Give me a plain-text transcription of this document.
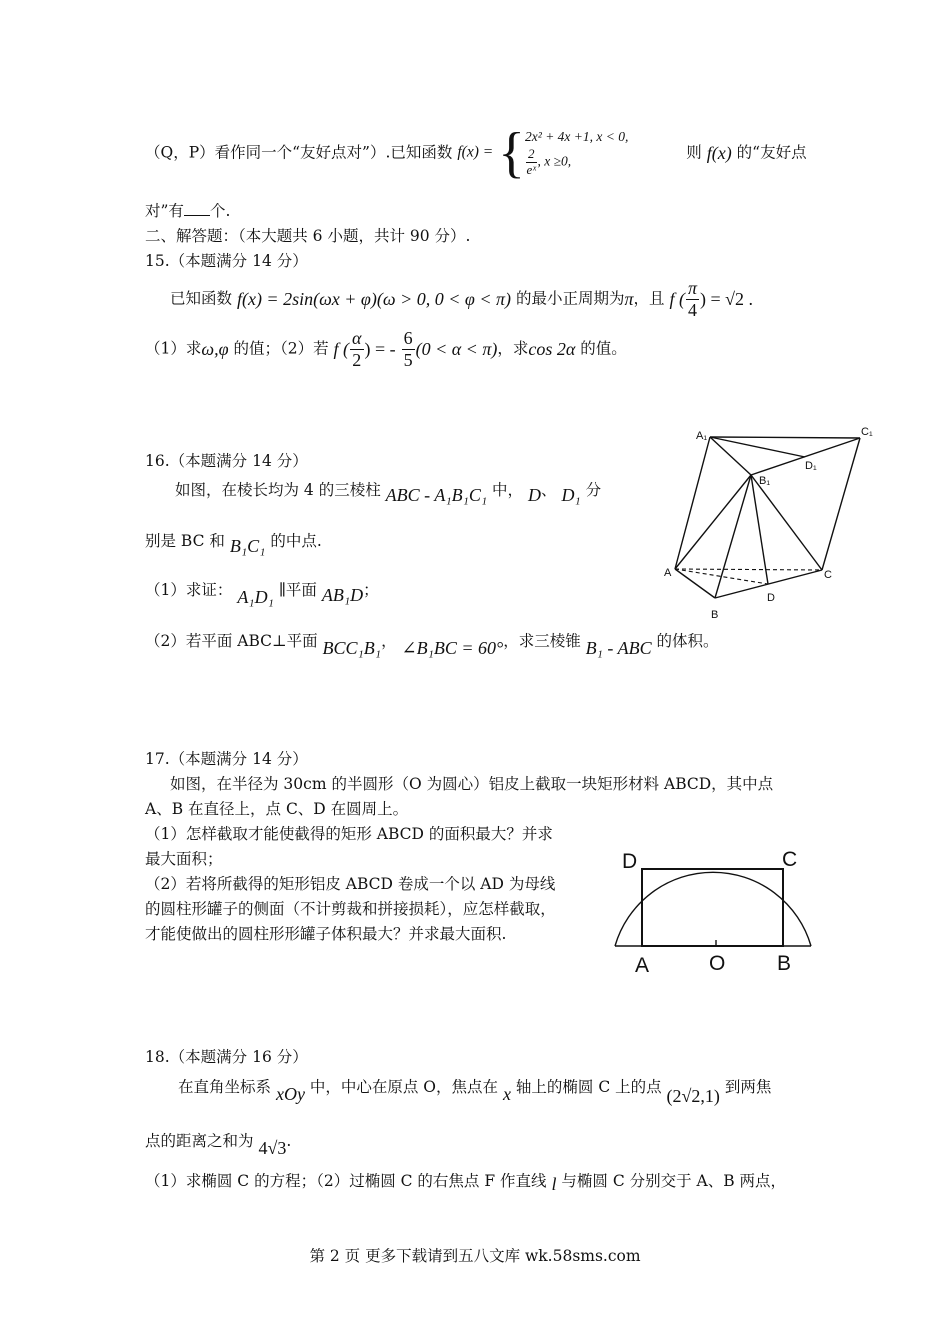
（Q，P）看作同一个“友好点对”）.已知函数 f(x) = { 2x² + 4x +1, x < 0,
$\frac{2}{\text{eˣ}}$ , x ≥0,	则 f(x) 的“友好点
对”有 个.
二、解答题：（本大题共 6 小题，共计 90 分）.
15.（本题满分 14 分）
已知函数 f(x) = 2sin(ωx + φ)(ω > 0, 0 < φ < π) 的最小正周期为π，且 f ( $\frac{\pi}{4}$ ) = √2 .
（1）求ω,φ 的值；（2）若 f ( $\frac{\alpha}{2}$ ) = - $\frac{6}{5} (0 < \alpha < \pi)$，求cos 2α 的值。
16.（本题满分 14 分）
如图，在棱长均为 4 的三棱柱 ABC - A₁B₁C₁ 中， D、 D₁ 分
别是 BC 和 B₁C₁ 的中点.
（1）求证： A₁D₁ ∥平面 AB₁D；
（2）若平面 ABC⊥平面 BCC₁B₁， ∠B₁BC = 60°，求三棱锥 B₁ - ABC 的体积。
A₁	C₁
D₁
B₁
A	C
B
D
17.（本题满分 14 分）
如图，在半径为 30cm 的半圆形（O 为圆心）铝皮上截取一块矩形材料 ABCD，其中点
A、B 在直径上，点 C、D 在圆周上。
（1）怎样截取才能使截得的矩形 ABCD 的面积最大？并求
最大面积；
（2）若将所截得的矩形铝皮 ABCD 卷成一个以 AD 为母线
的圆柱形罐子的侧面（不计剪裁和拼接损耗），应怎样截取，
才能使做出的圆柱形形罐子体积最大？并求最大面积.
D	C
A	O B
18.（本题满分 16 分）
在直角坐标系 xOy 中，中心在原点 O，焦点在 x 轴上的椭圆 C 上的点 (2√2,1) 到两焦
点的距离之和为 4√3.
（1）求椭圆 C 的方程；（2）过椭圆 C 的右焦点 F 作直线 l 与椭圆 C 分别交于 A、B 两点，
第 2 页 更多下载请到五八文库 wk.58sms.com
